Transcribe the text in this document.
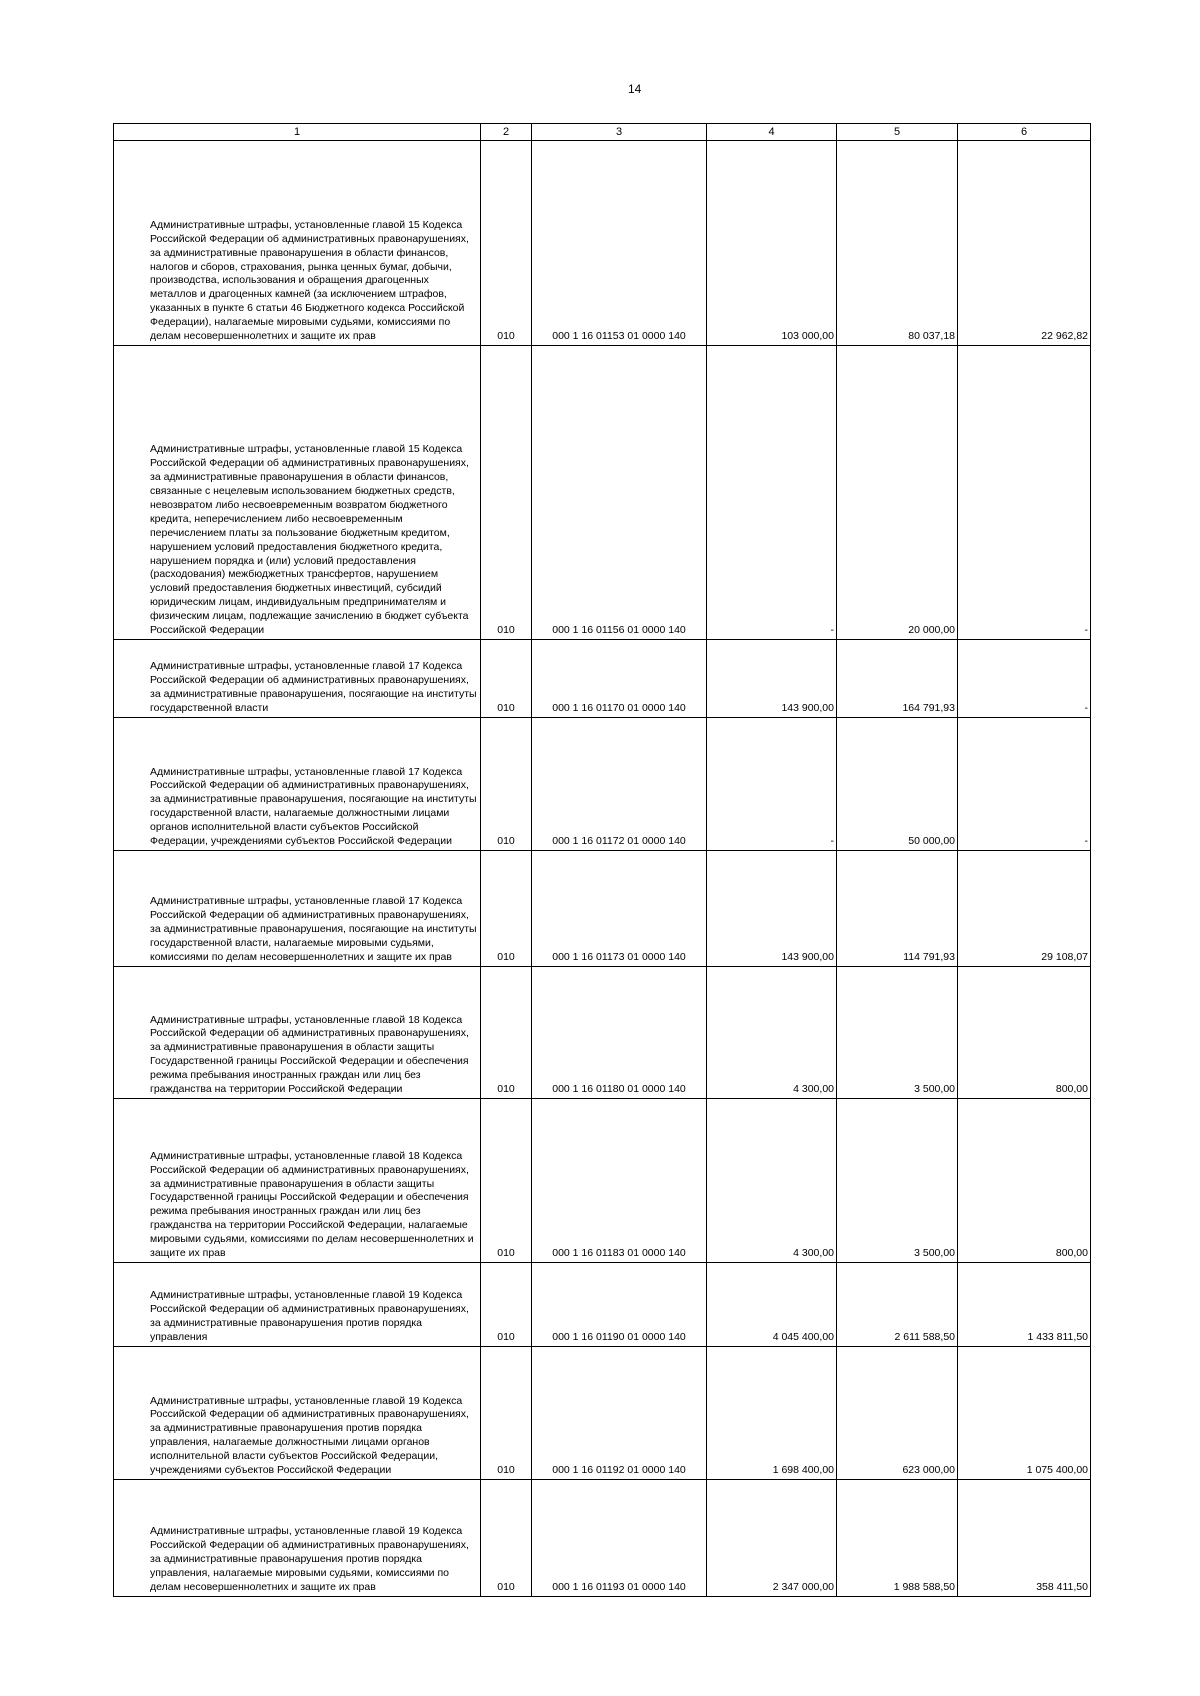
14
1	2	3	4	5	6

Административные штрафы, установленные главой 15 Кодекса Российской Федерации об административных правонарушениях, за административные правонарушения в области финансов, налогов и сборов, страхования, рынка ценных бумаг, добычи, производства, использования и обращения драгоценных металлов и драгоценных камней (за исключением штрафов, указанных в пункте 6 статьи 46 Бюджетного кодекса Российской Федерации), налагаемые мировыми судьями, комиссиями по делам несовершеннолетних и защите их прав	010	000 1 16 01153 01 0000 140	103 000,00	80 037,18	22 962,82

Административные штрафы, установленные главой 15 Кодекса Российской Федерации об административных правонарушениях, за административные правонарушения в области финансов, связанные с нецелевым использованием бюджетных средств, невозвратом либо несвоевременным возвратом бюджетного кредита, неперечислением либо несвоевременным перечислением платы за пользование бюджетным кредитом, нарушением условий предоставления бюджетного кредита, нарушением порядка и (или) условий предоставления (расходования) межбюджетных трансфертов, нарушением условий предоставления бюджетных инвестиций, субсидий юридическим лицам, индивидуальным предпринимателям и физическим лицам, подлежащие зачислению в бюджет субъекта Российской Федерации	010	000 1 16 01156 01 0000 140	-	20 000,00	-

Административные штрафы, установленные главой 17 Кодекса Российской Федерации об административных правонарушениях, за административные правонарушения, посягающие на институты государственной власти	010	000 1 16 01170 01 0000 140	143 900,00	164 791,93	-

Административные штрафы, установленные главой 17 Кодекса Российской Федерации об административных правонарушениях, за административные правонарушения, посягающие на институты государственной власти, налагаемые должностными лицами органов исполнительной власти субъектов Российской Федерации, учреждениями субъектов Российской Федерации	010	000 1 16 01172 01 0000 140	-	50 000,00	-

Административные штрафы, установленные главой 17 Кодекса Российской Федерации об административных правонарушениях, за административные правонарушения, посягающие на институты государственной власти, налагаемые мировыми судьями, комиссиями по делам несовершеннолетних и защите их прав	010	000 1 16 01173 01 0000 140	143 900,00	114 791,93	29 108,07

Административные штрафы, установленные главой 18 Кодекса Российской Федерации об административных правонарушениях, за административные правонарушения в области защиты Государственной границы Российской Федерации и обеспечения режима пребывания иностранных граждан или лиц без гражданства на территории Российской Федерации	010	000 1 16 01180 01 0000 140	4 300,00	3 500,00	800,00

Административные штрафы, установленные главой 18 Кодекса Российской Федерации об административных правонарушениях, за административные правонарушения в области защиты Государственной границы Российской Федерации и обеспечения режима пребывания иностранных граждан или лиц без гражданства на территории Российской Федерации, налагаемые мировыми судьями, комиссиями по делам несовершеннолетних и защите их прав	010	000 1 16 01183 01 0000 140	4 300,00	3 500,00	800,00

Административные штрафы, установленные главой 19 Кодекса Российской Федерации об административных правонарушениях, за административные правонарушения против порядка управления	010	000 1 16 01190 01 0000 140	4 045 400,00	2 611 588,50	1 433 811,50

Административные штрафы, установленные главой 19 Кодекса Российской Федерации об административных правонарушениях, за административные правонарушения против порядка управления, налагаемые должностными лицами органов исполнительной власти субъектов Российской Федерации, учреждениями субъектов Российской Федерации	010	000 1 16 01192 01 0000 140	1 698 400,00	623 000,00	1 075 400,00

Административные штрафы, установленные главой 19 Кодекса Российской Федерации об административных правонарушениях, за административные правонарушения против порядка управления, налагаемые мировыми судьями, комиссиями по делам несовершеннолетних и защите их прав	010	000 1 16 01193 01 0000 140	2 347 000,00	1 988 588,50	358 411,50
